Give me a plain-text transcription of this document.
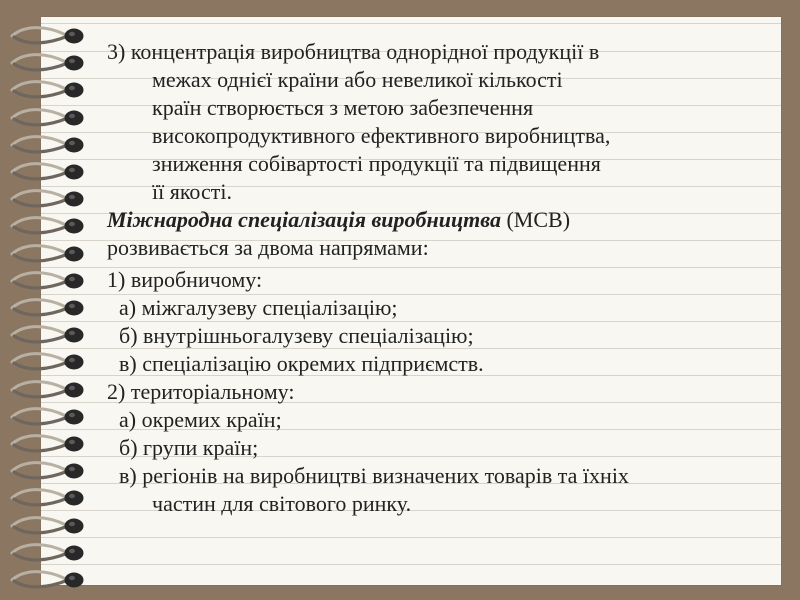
3) концентрація виробництва однорідної продукції в
межах однієї країни або невеликої кількості
країн створюється з метою забезпечення
високопродуктивного ефективного виробництва,
зниження собівартості продукції та підвищення
її якості.
Міжнародна спеціалізація виробництва (МСВ)
розвивається за двома напрямами:
1) виробничому:
а) міжгалузеву спеціалізацію;
б) внутрішньогалузеву спеціалізацію;
в) спеціалізацію окремих підприємств.
2) територіальному:
а) окремих країн;
б) групи країн;
в) регіонів на виробництві визначених товарів та їхніх
частин для світового ринку.
